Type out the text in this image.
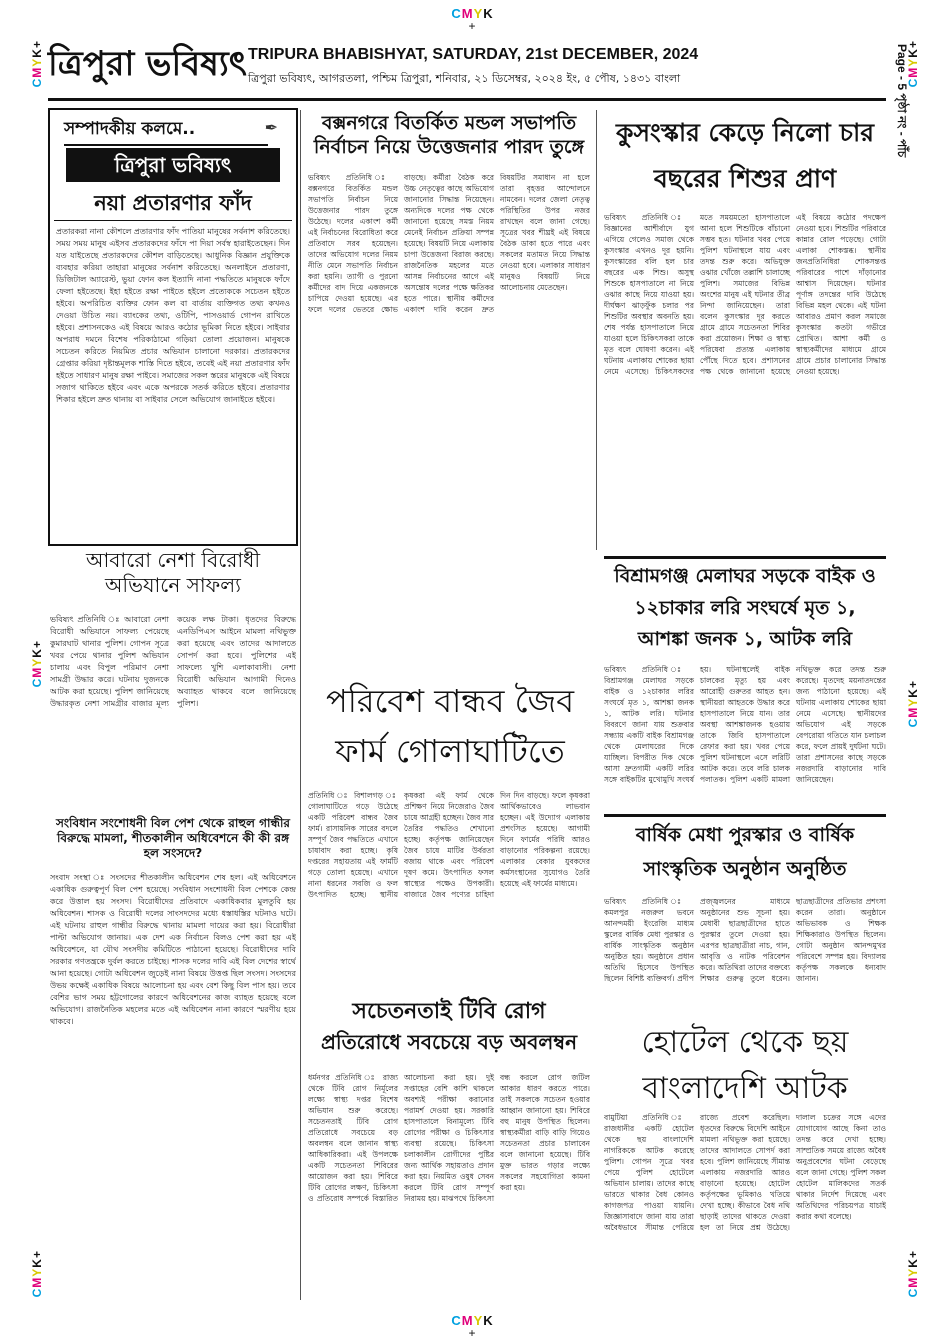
CMYK
+
CMYK
+
CMYK+
CMYK+
CMYK+
CMYK+
CMYK+
CMYK+
ত্রিপুরা ভবিষ্যৎ TRIPURA BHABISHYAT, SATURDAY, 21st DECEMBER, 2024
ত্রিপুরা ভবিষ্যৎ, আগরতলা, পশ্চিম ত্রিপুরা, শনিবার, ২১ ডিসেম্বর, ২০২৪ ইং, ৫ পৌষ, ১৪৩১ বাংলা	Page - 5 পৃষ্ঠা নং - পাঁচ
সম্পাদকীয় কলমে..	✒
ত্রিপুরা ভবিষ্যৎ
নয়া প্রতারণার ফাঁদ
প্রতারকরা নানা কৌশলে প্রতারণার ফাঁদ পাতিয়া মানুষের সর্বনাশ করিতেছে। সময় সময় মানুষ এইসব প্রতারকদের ফাঁদে পা দিয়া সর্বস্ব হারাইতেছেন। দিন যত যাইতেছে প্রতারকদের কৌশল বাড়িতেছে। আধুনিক বিজ্ঞান প্রযুক্তিকে ব্যবহার করিয়া তাহারা মানুষের সর্বনাশ করিতেছে। অনলাইনে প্রতারণা, ডিজিটাল অ্যারেস্ট, ভুয়া ফোন কল ইত্যাদি নানা পদ্ধতিতে মানুষকে ফাঁদে ফেলা হইতেছে। ইহা হইতে রক্ষা পাইতে হইলে প্রত্যেককে সচেতন হইতে হইবে। অপরিচিত ব্যক্তির ফোন কল বা বার্তায় ব্যক্তিগত তথ্য কখনও দেওয়া উচিত নয়। ব্যাংকের তথ্য, ওটিপি, পাসওয়ার্ড গোপন রাখিতে হইবে। প্রশাসনকেও এই বিষয়ে আরও কঠোর ভূমিকা নিতে হইবে। সাইবার অপরাধ দমনে বিশেষ পরিকাঠামো গড়িয়া তোলা প্রয়োজন। মানুষকে সচেতন করিতে নিয়মিত প্রচার অভিযান চালানো দরকার। প্রতারকদের গ্রেপ্তার করিয়া দৃষ্টান্তমূলক শাস্তি দিতে হইবে, তবেই এই নয়া প্রতারণার ফাঁদ হইতে সাধারণ মানুষ রক্ষা পাইবে। সমাজের সকল স্তরের মানুষকে এই বিষয়ে সজাগ থাকিতে হইবে এবং একে অপরকে সতর্ক করিতে হইবে। প্রতারণার শিকার হইলে দ্রুত থানায় বা সাইবার সেলে অভিযোগ জানাইতে হইবে।
আবারো নেশা বিরোধী অভিযানে সাফল্য
ভবিষ্যৎ প্রতিনিধি ঃ আবারো নেশা বিরোধী অভিযানে সাফল্য পেয়েছে কুমারঘাট থানার পুলিশ। গোপন সূত্রে খবর পেয়ে থানার পুলিশ অভিযান চালায় এবং বিপুল পরিমাণ নেশা সামগ্রী উদ্ধার করে। ঘটনায় দুজনকে আটক করা হয়েছে। পুলিশ জানিয়েছে উদ্ধারকৃত নেশা সামগ্রীর বাজার মূল্য কয়েক লক্ষ টাকা। ধৃতদের বিরুদ্ধে এনডিপিএস আইনে মামলা নথিভুক্ত করা হয়েছে এবং তাদের আদালতে সোপর্দ করা হবে। পুলিশের এই সাফল্যে খুশি এলাকাবাসী। নেশা বিরোধী অভিযান আগামী দিনেও অব্যাহত থাকবে বলে জানিয়েছে পুলিশ।
সংবিধান সংশোধনী বিল পেশ থেকে রাহুল গান্ধীর বিরুদ্ধে মামলা, শীতকালীন অধিবেশনে কী কী রঙ্গ হল সংসদে?
সংবাদ সংস্থা ঃ সংসদের শীতকালীন অধিবেশন শেষ হল। এই অধিবেশনে একাধিক গুরুত্বপূর্ণ বিল পেশ হয়েছে। সংবিধান সংশোধনী বিল পেশকে কেন্দ্র করে উত্তাল হয় সংসদ। বিরোধীদের প্রতিবাদে একাধিকবার মুলতুবি হয় অধিবেশন। শাসক ও বিরোধী দলের সাংসদদের মধ্যে ধস্তাধস্তির ঘটনাও ঘটে। এই ঘটনায় রাহুল গান্ধীর বিরুদ্ধে থানায় মামলা দায়ের করা হয়। বিরোধীরা পাল্টা অভিযোগ জানায়। এক দেশ এক নির্বাচন বিলও পেশ করা হয় এই অধিবেশনে, যা যৌথ সংসদীয় কমিটিতে পাঠানো হয়েছে। বিরোধীদের দাবি সরকার গণতন্ত্রকে দুর্বল করতে চাইছে। শাসক দলের দাবি এই বিল দেশের স্বার্থে আনা হয়েছে। গোটা অধিবেশন জুড়েই নানা বিষয়ে উত্তপ্ত ছিল সংসদ। সংসদের উভয় কক্ষেই একাধিক বিষয়ে আলোচনা হয় এবং বেশ কিছু বিল পাস হয়। তবে বেশির ভাগ সময় হট্টগোলের কারণে অধিবেশনের কাজ ব্যাহত হয়েছে বলে অভিযোগ। রাজনৈতিক মহলের মতে এই অধিবেশন নানা কারণে স্মরণীয় হয়ে থাকবে।
বক্সনগরে বিতর্কিত মন্ডল সভাপতি নির্বাচন নিয়ে উত্তেজনার পারদ তুঙ্গে
ভবিষ্যৎ প্রতিনিধি ঃ বক্সনগরে বিতর্কিত মন্ডল সভাপতি নির্বাচন নিয়ে উত্তেজনার পারদ তুঙ্গে উঠেছে। দলের একাংশ কর্মী এই নির্বাচনের বিরোধিতা করে প্রতিবাদে সরব হয়েছেন। তাদের অভিযোগ দলের নিয়ম নীতি মেনে সভাপতি নির্বাচন করা হয়নি। ত্যাগী ও পুরনো কর্মীদের বাদ দিয়ে একজনকে চাপিয়ে দেওয়া হয়েছে। এর ফলে দলের ভেতরে ক্ষোভ বাড়ছে। কর্মীরা বৈঠক করে উচ্চ নেতৃত্বের কাছে অভিযোগ জানানোর সিদ্ধান্ত নিয়েছেন। অন্যদিকে দলের পক্ষ থেকে জানানো হয়েছে সমস্ত নিয়ম মেনেই নির্বাচন প্রক্রিয়া সম্পন্ন হয়েছে। বিষয়টি নিয়ে এলাকায় চাপা উত্তেজনা বিরাজ করছে। রাজনৈতিক মহলের মতে আসন্ন নির্বাচনের আগে এই অসন্তোষ দলের পক্ষে ক্ষতিকর হতে পারে। স্থানীয় কর্মীদের একাংশ দাবি করেন দ্রুত বিষয়টির সমাধান না হলে তারা বৃহত্তর আন্দোলনে নামবেন। দলের জেলা নেতৃত্ব পরিস্থিতির উপর নজর রাখছেন বলে জানা গেছে। সূত্রের খবর শীঘ্রই এই বিষয়ে বৈঠক ডাকা হতে পারে এবং সকলের মতামত নিয়ে সিদ্ধান্ত নেওয়া হবে। এলাকার সাধারণ মানুষও বিষয়টি নিয়ে আলোচনায় মেতেছেন।
পরিবেশ বান্ধব জৈব ফার্ম গোলাঘাটিতে
প্রতিনিধি ঃ বিশালগড় ঃ গোলাঘাটিতে গড়ে উঠেছে একটি পরিবেশ বান্ধব জৈব ফার্ম। রাসায়নিক সারের বদলে সম্পূর্ণ জৈব পদ্ধতিতে এখানে চাষাবাদ করা হচ্ছে। কৃষি দপ্তরের সহায়তায় এই ফার্মটি গড়ে তোলা হয়েছে। এখানে নানা ধরনের সবজি ও ফল উৎপাদিত হচ্ছে। স্থানীয় কৃষকরা এই ফার্ম থেকে প্রশিক্ষণ নিয়ে নিজেরাও জৈব চাষে আগ্রহী হচ্ছেন। জৈব সার তৈরির পদ্ধতিও শেখানো হচ্ছে। কর্তৃপক্ষ জানিয়েছেন জৈব চাষে মাটির উর্বরতা বজায় থাকে এবং পরিবেশ দূষণ কমে। উৎপাদিত ফসল স্বাস্থ্যের পক্ষেও উপকারী। বাজারে জৈব পণ্যের চাহিদা দিন দিন বাড়ছে। ফলে কৃষকরা আর্থিকভাবেও লাভবান হচ্ছেন। এই উদ্যোগ এলাকায় প্রশংসিত হয়েছে। আগামী দিনে ফার্মের পরিধি আরও বাড়ানোর পরিকল্পনা রয়েছে। এলাকার বেকার যুবকদের কর্মসংস্থানের সুযোগও তৈরি হয়েছে এই ফার্মের মাধ্যমে।
সচেতনতাই টিবি রোগ
প্রতিরোধে সবচেয়ে বড় অবলম্বন
ধর্মনগর প্রতিনিধি ঃ রাজ্য থেকে টিবি রোগ নির্মূলের লক্ষ্যে স্বাস্থ্য দপ্তর বিশেষ অভিযান শুরু করেছে। সচেতনতাই টিবি রোগ প্রতিরোধে সবচেয়ে বড় অবলম্বন বলে জানান স্বাস্থ্য আধিকারিকরা। এই উপলক্ষে একটি সচেতনতা শিবিরের আয়োজন করা হয়। শিবিরে টিবি রোগের লক্ষণ, চিকিৎসা ও প্রতিরোধ সম্পর্কে বিস্তারিত আলোচনা করা হয়। দুই সপ্তাহের বেশি কাশি থাকলে অবশ্যই পরীক্ষা করানোর পরামর্শ দেওয়া হয়। সরকারি হাসপাতালে বিনামূল্যে টিবি রোগের পরীক্ষা ও চিকিৎসার ব্যবস্থা রয়েছে। চিকিৎসা চলাকালীন রোগীদের পুষ্টির জন্য আর্থিক সহায়তাও প্রদান করা হয়। নিয়মিত ওষুধ সেবন করলে টিবি রোগ সম্পূর্ণ নিরাময় হয়। মাঝপথে চিকিৎসা বন্ধ করলে রোগ জটিল আকার ধারণ করতে পারে। তাই সকলকে সচেতন হওয়ার আহ্বান জানানো হয়। শিবিরে বহু মানুষ উপস্থিত ছিলেন। স্বাস্থ্যকর্মীরা বাড়ি বাড়ি গিয়েও সচেতনতা প্রচার চালাবেন বলে জানানো হয়েছে। টিবি মুক্ত ভারত গড়ার লক্ষ্যে সকলের সহযোগিতা কামনা করা হয়।
কুসংস্কার কেড়ে নিলো চার বছরের শিশুর প্রাণ
ভবিষ্যৎ প্রতিনিধি ঃ বিজ্ঞানের আশীর্বাদে যুগ এগিয়ে গেলেও সমাজ থেকে কুসংস্কার এখনও দূর হয়নি। কুসংস্কারের বলি হল চার বছরের এক শিশু। অসুস্থ শিশুকে হাসপাতালে না নিয়ে ওঝার কাছে নিয়ে যাওয়া হয়। দীর্ঘক্ষণ ঝাড়ফুঁক চলার পর শিশুটির অবস্থার অবনতি হয়। শেষ পর্যন্ত হাসপাতালে নিয়ে যাওয়া হলে চিকিৎসকরা তাকে মৃত বলে ঘোষণা করেন। এই ঘটনায় এলাকায় শোকের ছায়া নেমে এসেছে। চিকিৎসকদের মতে সময়মতো হাসপাতালে আনা হলে শিশুটিকে বাঁচানো সম্ভব হত। ঘটনার খবর পেয়ে পুলিশ ঘটনাস্থলে যায় এবং তদন্ত শুরু করে। অভিযুক্ত ওঝার খোঁজে তল্লাশি চালাচ্ছে পুলিশ। সমাজের বিভিন্ন অংশের মানুষ এই ঘটনার তীব্র নিন্দা জানিয়েছেন। তারা বলেন কুসংস্কার দূর করতে গ্রামে গ্রামে সচেতনতা শিবির করা প্রয়োজন। শিক্ষা ও স্বাস্থ্য পরিষেবা প্রত্যন্ত এলাকায় পৌঁছে দিতে হবে। প্রশাসনের পক্ষ থেকে জানানো হয়েছে এই বিষয়ে কঠোর পদক্ষেপ নেওয়া হবে। শিশুটির পরিবারে কান্নার রোল পড়েছে। গোটা এলাকা শোকস্তব্ধ। স্থানীয় জনপ্রতিনিধিরা শোকসন্তপ্ত পরিবারের পাশে দাঁড়ানোর আশ্বাস দিয়েছেন। ঘটনার পূর্ণাঙ্গ তদন্তের দাবি উঠেছে বিভিন্ন মহল থেকে। এই ঘটনা আবারও প্রমাণ করল সমাজে কুসংস্কার কতটা গভীরে প্রোথিত। আশা কর্মী ও স্বাস্থ্যকর্মীদের মাধ্যমে গ্রামে গ্রামে প্রচার চালানোর সিদ্ধান্ত নেওয়া হয়েছে।
বিশ্রামগঞ্জ মেলাঘর সড়কে বাইক ও ১২চাকার লরি সংঘর্ষে মৃত ১,
আশঙ্কা জনক ১, আটক লরি
ভবিষ্যৎ প্রতিনিধি ঃ বিশ্রামগঞ্জ মেলাঘর সড়কে বাইক ও ১২চাকার লরির সংঘর্ষে মৃত ১, আশঙ্কা জনক ১, আটক লরি। ঘটনার বিবরণে জানা যায় শুক্রবার সন্ধ্যায় একটি বাইক বিশ্রামগঞ্জ থেকে মেলাঘরের দিকে যাচ্ছিল। বিপরীত দিক থেকে আসা দ্রুতগামী একটি লরির সঙ্গে বাইকটির মুখোমুখি সংঘর্ষ হয়। ঘটনাস্থলেই বাইক চালকের মৃত্যু হয় এবং আরোহী গুরুতর আহত হন। স্থানীয়রা আহতকে উদ্ধার করে হাসপাতালে নিয়ে যান। তার অবস্থা আশঙ্কাজনক হওয়ায় তাকে জিবি হাসপাতালে রেফার করা হয়। খবর পেয়ে পুলিশ ঘটনাস্থলে এসে লরিটি আটক করে। তবে লরি চালক পলাতক। পুলিশ একটি মামলা নথিভুক্ত করে তদন্ত শুরু করেছে। মৃতদেহ ময়নাতদন্তের জন্য পাঠানো হয়েছে। এই ঘটনায় এলাকায় শোকের ছায়া নেমে এসেছে। স্থানীয়দের অভিযোগ এই সড়কে বেপরোয়া গতিতে যান চলাচল করে, ফলে প্রায়ই দুর্ঘটনা ঘটে। তারা প্রশাসনের কাছে সড়কে নজরদারি বাড়ানোর দাবি জানিয়েছেন।
বার্ষিক মেধা পুরস্কার ও বার্ষিক সাংস্কৃতিক অনুষ্ঠান অনুষ্ঠিত
ভবিষ্যৎ প্রতিনিধি ঃ কমলপুর নজরুল ভবনে আনন্দময়ী ইংরেজি মাধ্যম স্কুলের বার্ষিক মেধা পুরস্কার ও বার্ষিক সাংস্কৃতিক অনুষ্ঠান অনুষ্ঠিত হয়। অনুষ্ঠানে প্রধান অতিথি হিসেবে উপস্থিত ছিলেন বিশিষ্ট ব্যক্তিবর্গ। প্রদীপ প্রজ্জ্বলনের মাধ্যমে অনুষ্ঠানের শুভ সূচনা হয়। মেধাবী ছাত্রছাত্রীদের হাতে পুরস্কার তুলে দেওয়া হয়। এরপর ছাত্রছাত্রীরা নাচ, গান, আবৃত্তি ও নাটক পরিবেশন করে। অতিথিরা তাদের বক্তব্যে শিক্ষার গুরুত্ব তুলে ধরেন। ছাত্রছাত্রীদের প্রতিভার প্রশংসা করেন তারা। অনুষ্ঠানে অভিভাবক ও শিক্ষক শিক্ষিকারাও উপস্থিত ছিলেন। গোটা অনুষ্ঠান আনন্দমুখর পরিবেশে সম্পন্ন হয়। বিদ্যালয় কর্তৃপক্ষ সকলকে ধন্যবাদ জানান।
হোটেল থেকে ছয় বাংলাদেশি আটক
বামুটিয়া প্রতিনিধি ঃ রাজধানীর একটি হোটেল থেকে ছয় বাংলাদেশি নাগরিককে আটক করেছে পুলিশ। গোপন সূত্রে খবর পেয়ে পুলিশ হোটেলে অভিযান চালায়। তাদের কাছে ভারতে থাকার বৈধ কোনও কাগজপত্র পাওয়া যায়নি। জিজ্ঞাসাবাদে জানা যায় তারা অবৈধভাবে সীমান্ত পেরিয়ে রাজ্যে প্রবেশ করেছিল। ধৃতদের বিরুদ্ধে বিদেশি আইনে মামলা নথিভুক্ত করা হয়েছে। তাদের আদালতে সোপর্দ করা হবে। পুলিশ জানিয়েছে সীমান্ত এলাকায় নজরদারি আরও বাড়ানো হয়েছে। হোটেল কর্তৃপক্ষের ভূমিকাও খতিয়ে দেখা হচ্ছে। কীভাবে বৈধ নথি ছাড়াই তাদের থাকতে দেওয়া হল তা নিয়ে প্রশ্ন উঠেছে। দালাল চক্রের সঙ্গে এদের যোগাযোগ আছে কিনা তাও তদন্ত করে দেখা হচ্ছে। সাম্প্রতিক সময়ে রাজ্যে অবৈধ অনুপ্রবেশের ঘটনা বেড়েছে বলে জানা গেছে। পুলিশ সকল হোটেল মালিকদের সতর্ক থাকার নির্দেশ দিয়েছে এবং অতিথিদের পরিচয়পত্র যাচাই করার কথা বলেছে।
